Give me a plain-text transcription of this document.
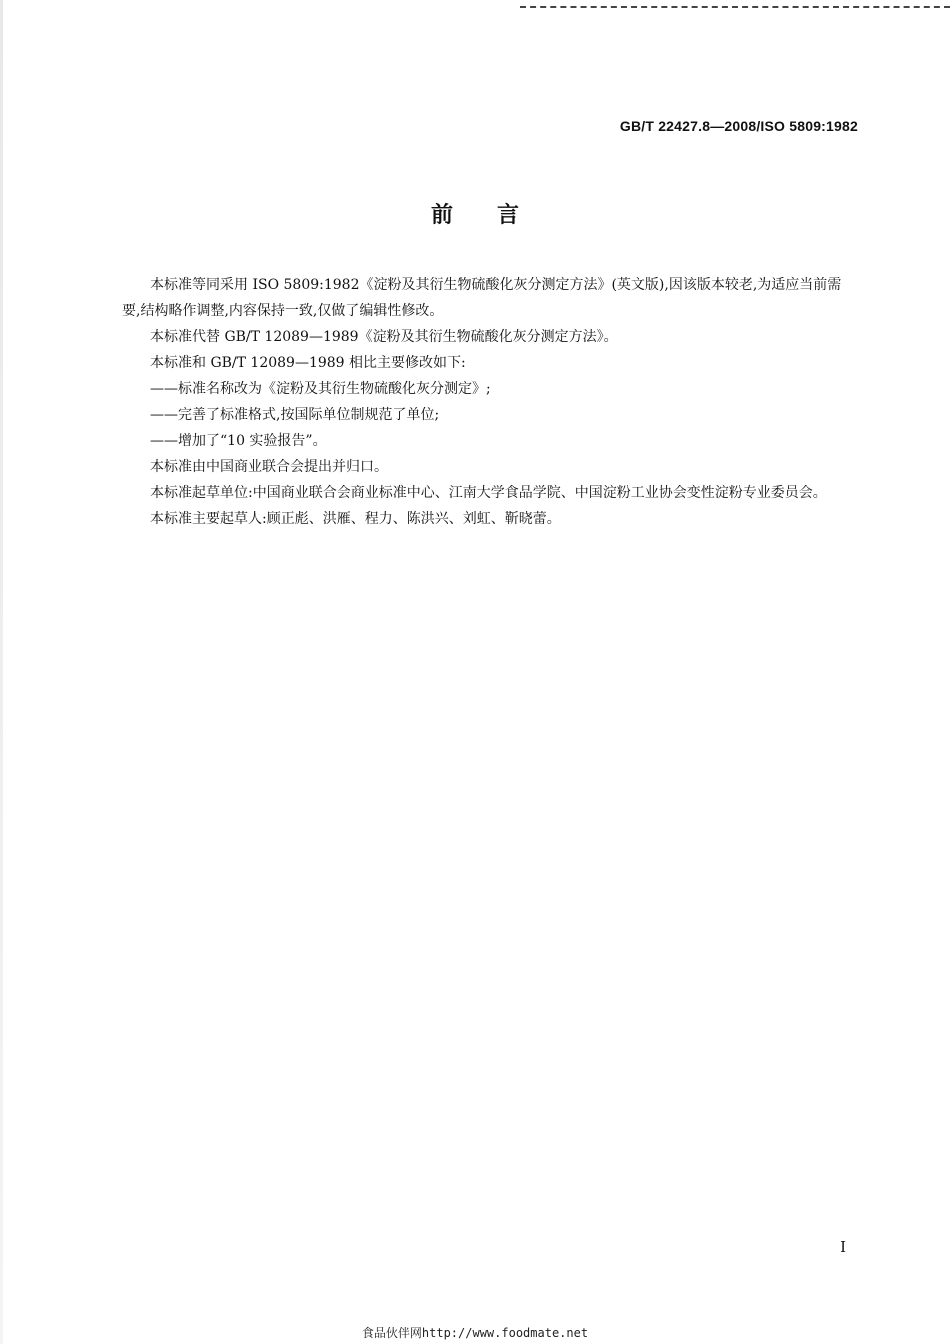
GB/T 22427.8—2008/ISO 5809:1982
前言

本标准等同采用 ISO 5809:1982《淀粉及其衍生物硫酸化灰分测定方法》(英文版),因该版本较老,为适应当前需要,结构略作调整,内容保持一致,仅做了编辑性修改。

本标准代替 GB/T 12089—1989《淀粉及其衍生物硫酸化灰分测定方法》。

本标准和 GB/T 12089—1989 相比主要修改如下:

——标准名称改为《淀粉及其衍生物硫酸化灰分测定》;

——完善了标准格式,按国际单位制规范了单位;

——增加了“10 实验报告”。

本标准由中国商业联合会提出并归口。

本标准起草单位:中国商业联合会商业标准中心、江南大学食品学院、中国淀粉工业协会变性淀粉专业委员会。

本标准主要起草人:顾正彪、洪雁、程力、陈洪兴、刘虹、靳晓蕾。

I
食品伙伴网http://www.foodmate.net
